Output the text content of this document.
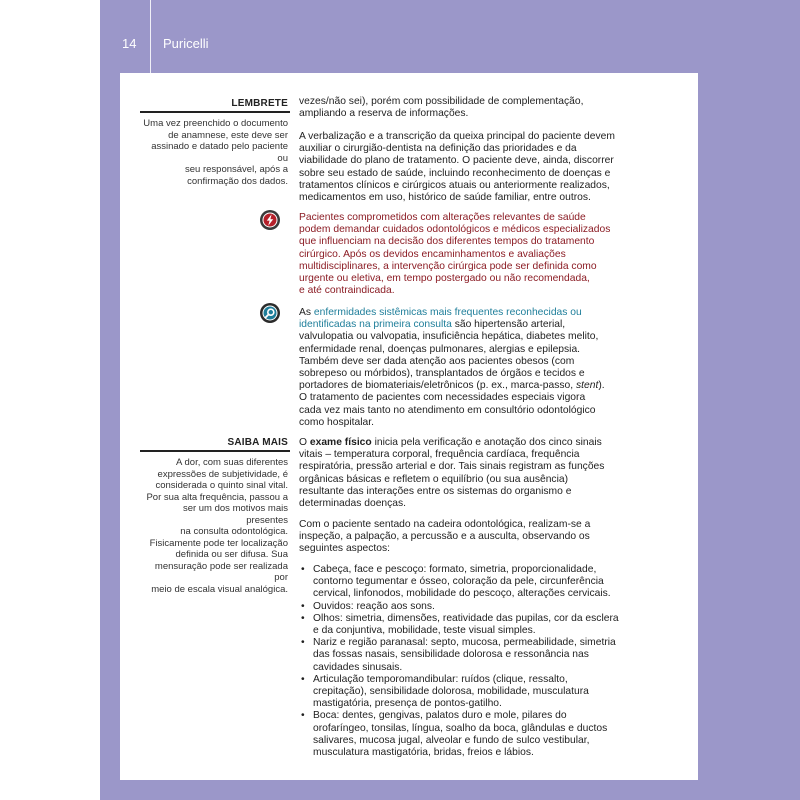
14 Puricelli
LEMBRETE

Uma vez preenchido o documento
de anamnese, este deve ser
assinado e datado pelo paciente ou
seu responsável, após a
confirmação dos dados.

SAIBA MAIS

A dor, com suas diferentes
expressões de subjetividade, é
considerada o quinto sinal vital.
Por sua alta frequência, passou a
ser um dos motivos mais presentes
na consulta odontológica.
Fisicamente pode ter localização
definida ou ser difusa. Sua
mensuração pode ser realizada por
meio de escala visual analógica.

vezes/não sei), porém com possibilidade de complementação,
ampliando a reserva de informações.

A verbalização e a transcrição da queixa principal do paciente devem
auxiliar o cirurgião-dentista na definição das prioridades e da
viabilidade do plano de tratamento. O paciente deve, ainda, discorrer
sobre seu estado de saúde, incluindo reconhecimento de doenças e
tratamentos clínicos e cirúrgicos atuais ou anteriormente realizados,
medicamentos em uso, histórico de saúde familiar, entre outros.

Pacientes comprometidos com alterações relevantes de saúde
podem demandar cuidados odontológicos e médicos especializados
que influenciam na decisão dos diferentes tempos do tratamento
cirúrgico. Após os devidos encaminhamentos e avaliações
multidisciplinares, a intervenção cirúrgica pode ser definida como
urgente ou eletiva, em tempo postergado ou não recomendada,
e até contraindicada.

As enfermidades sistêmicas mais frequentes reconhecidas ou
identificadas na primeira consulta são hipertensão arterial,
valvulopatia ou valvopatia, insuficiência hepática, diabetes melito,
enfermidade renal, doenças pulmonares, alergias e epilepsia.
Também deve ser dada atenção aos pacientes obesos (com
sobrepeso ou mórbidos), transplantados de órgãos e tecidos e
portadores de biomateriais/eletrônicos (p. ex., marca-passo, stent).
O tratamento de pacientes com necessidades especiais vigora
cada vez mais tanto no atendimento em consultório odontológico
como hospitalar.

O exame físico inicia pela verificação e anotação dos cinco sinais
vitais – temperatura corporal, frequência cardíaca, frequência
respiratória, pressão arterial e dor. Tais sinais registram as funções
orgânicas básicas e refletem o equilíbrio (ou sua ausência)
resultante das interações entre os sistemas do organismo e
determinadas doenças.

Com o paciente sentado na cadeira odontológica, realizam-se a
inspeção, a palpação, a percussão e a ausculta, observando os
seguintes aspectos:

• Cabeça, face e pescoço: formato, simetria, proporcionalidade,
contorno tegumentar e ósseo, coloração da pele, circunferência
cervical, linfonodos, mobilidade do pescoço, alterações cervicais.
• Ouvidos: reação aos sons.
• Olhos: simetria, dimensões, reatividade das pupilas, cor da esclera
e da conjuntiva, mobilidade, teste visual simples.
• Nariz e região paranasal: septo, mucosa, permeabilidade, simetria
das fossas nasais, sensibilidade dolorosa e ressonância nas
cavidades sinusais.
• Articulação temporomandibular: ruídos (clique, ressalto,
crepitação), sensibilidade dolorosa, mobilidade, musculatura
mastigatória, presença de pontos-gatilho.
• Boca: dentes, gengivas, palatos duro e mole, pilares do
orofaríngeo, tonsilas, língua, soalho da boca, glândulas e ductos
salivares, mucosa jugal, alveolar e fundo de sulco vestibular,
musculatura mastigatória, bridas, freios e lábios.
